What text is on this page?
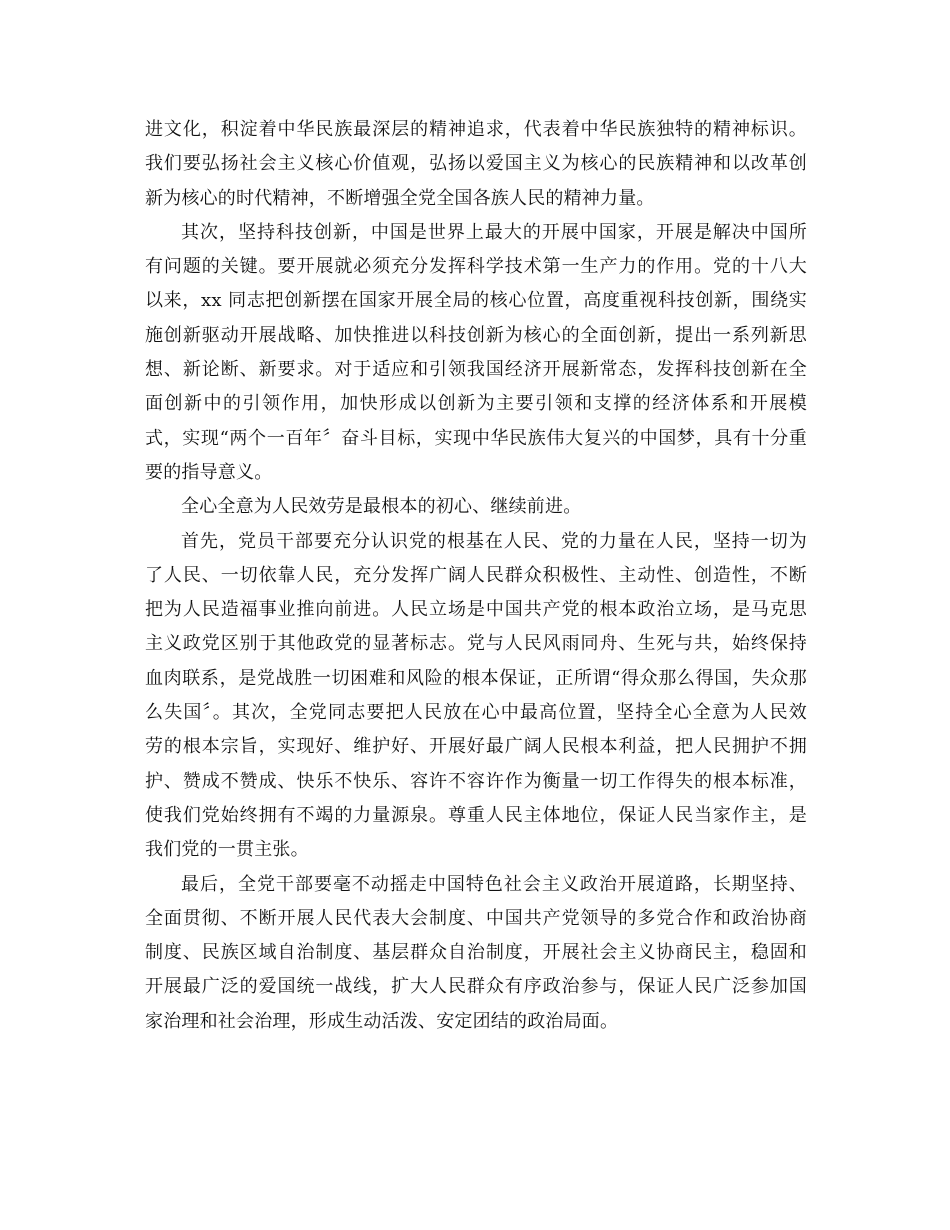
进文化，积淀着中华民族最深层的精神追求，代表着中华民族独特的精神标识。
我们要弘扬社会主义核心价值观，弘扬以爱国主义为核心的民族精神和以改革创
新为核心的时代精神，不断增强全党全国各族人民的精神力量。
其次，坚持科技创新，中国是世界上最大的开展中国家，开展是解决中国所
有问题的关键。要开展就必须充分发挥科学技术第一生产力的作用。党的十八大
以来，xx 同志把创新摆在国家开展全局的核心位置，高度重视科技创新，围绕实
施创新驱动开展战略、加快推进以科技创新为核心的全面创新，提出一系列新思
想、新论断、新要求。对于适应和引领我国经济开展新常态，发挥科技创新在全
面创新中的引领作用，加快形成以创新为主要引领和支撑的经济体系和开展模
式，实现“两个一百年〞奋斗目标，实现中华民族伟大复兴的中国梦，具有十分重
要的指导意义。
全心全意为人民效劳是最根本的初心、继续前进。
首先，党员干部要充分认识党的根基在人民、党的力量在人民，坚持一切为
了人民、一切依靠人民，充分发挥广阔人民群众积极性、主动性、创造性，不断
把为人民造福事业推向前进。人民立场是中国共产党的根本政治立场，是马克思
主义政党区别于其他政党的显著标志。党与人民风雨同舟、生死与共，始终保持
血肉联系，是党战胜一切困难和风险的根本保证，正所谓“得众那么得国，失众那
么失国〞。其次，全党同志要把人民放在心中最高位置，坚持全心全意为人民效
劳的根本宗旨，实现好、维护好、开展好最广阔人民根本利益，把人民拥护不拥
护、赞成不赞成、快乐不快乐、容许不容许作为衡量一切工作得失的根本标准，
使我们党始终拥有不竭的力量源泉。尊重人民主体地位，保证人民当家作主，是
我们党的一贯主张。
最后，全党干部要毫不动摇走中国特色社会主义政治开展道路，长期坚持、
全面贯彻、不断开展人民代表大会制度、中国共产党领导的多党合作和政治协商
制度、民族区域自治制度、基层群众自治制度，开展社会主义协商民主，稳固和
开展最广泛的爱国统一战线，扩大人民群众有序政治参与，保证人民广泛参加国
家治理和社会治理，形成生动活泼、安定团结的政治局面。
